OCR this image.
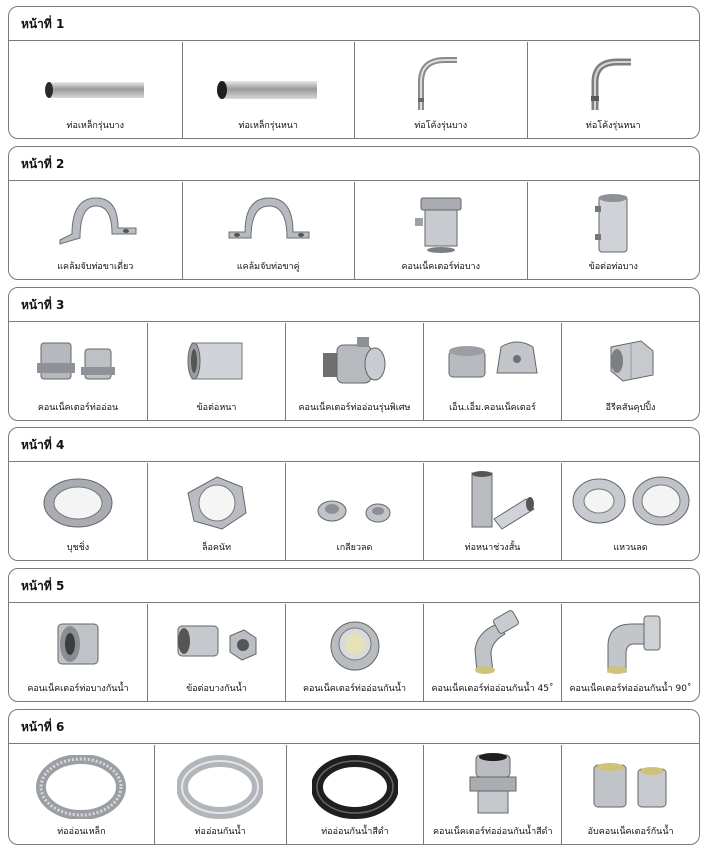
หน้าที่ 1
ท่อเหล็กรุ่นบาง	ท่อเหล็กรุ่นหนา	ท่อโค้งรุ่นบาง	ท่อโค้งรุ่นหนา
หน้าที่ 2
แคล้มจับท่อขาเดี่ยว	แคล้มจับท่อขาคู่	คอนเน็คเตอร์ท่อบาง	ข้อต่อท่อบาง
หน้าที่ 3
คอนเน็คเตอร์ท่ออ่อน	ข้อต่อหนา	คอนเน็คเตอร์ท่ออ่อนรุ่นพิเศษ	เอ็น.เอ็ม.คอนเน็คเตอร์	อีรีคสันคุปปิ้ง
หน้าที่ 4
บุชชิ่ง	ล็อคนัท	เกลียวลด	ท่อหนาช่วงสั้น	แหวนลด
หน้าที่ 5
คอนเน็คเตอร์ท่อบางกันน้ำ	ข้อต่อบางกันน้ำ	คอนเน็คเตอร์ท่ออ่อนกันน้ำ	คอนเน็คเตอร์ท่ออ่อนกันน้ำ 45˚	คอนเน็คเตอร์ท่ออ่อนกันน้ำ 90˚
หน้าที่ 6
ท่ออ่อนเหล็ก	ท่ออ่อนกันน้ำ	ท่ออ่อนกันน้ำสีดำ	คอนเน็คเตอร์ท่ออ่อนกันน้ำสีดำ	อับคอนเน็คเตอร์กันน้ำ
